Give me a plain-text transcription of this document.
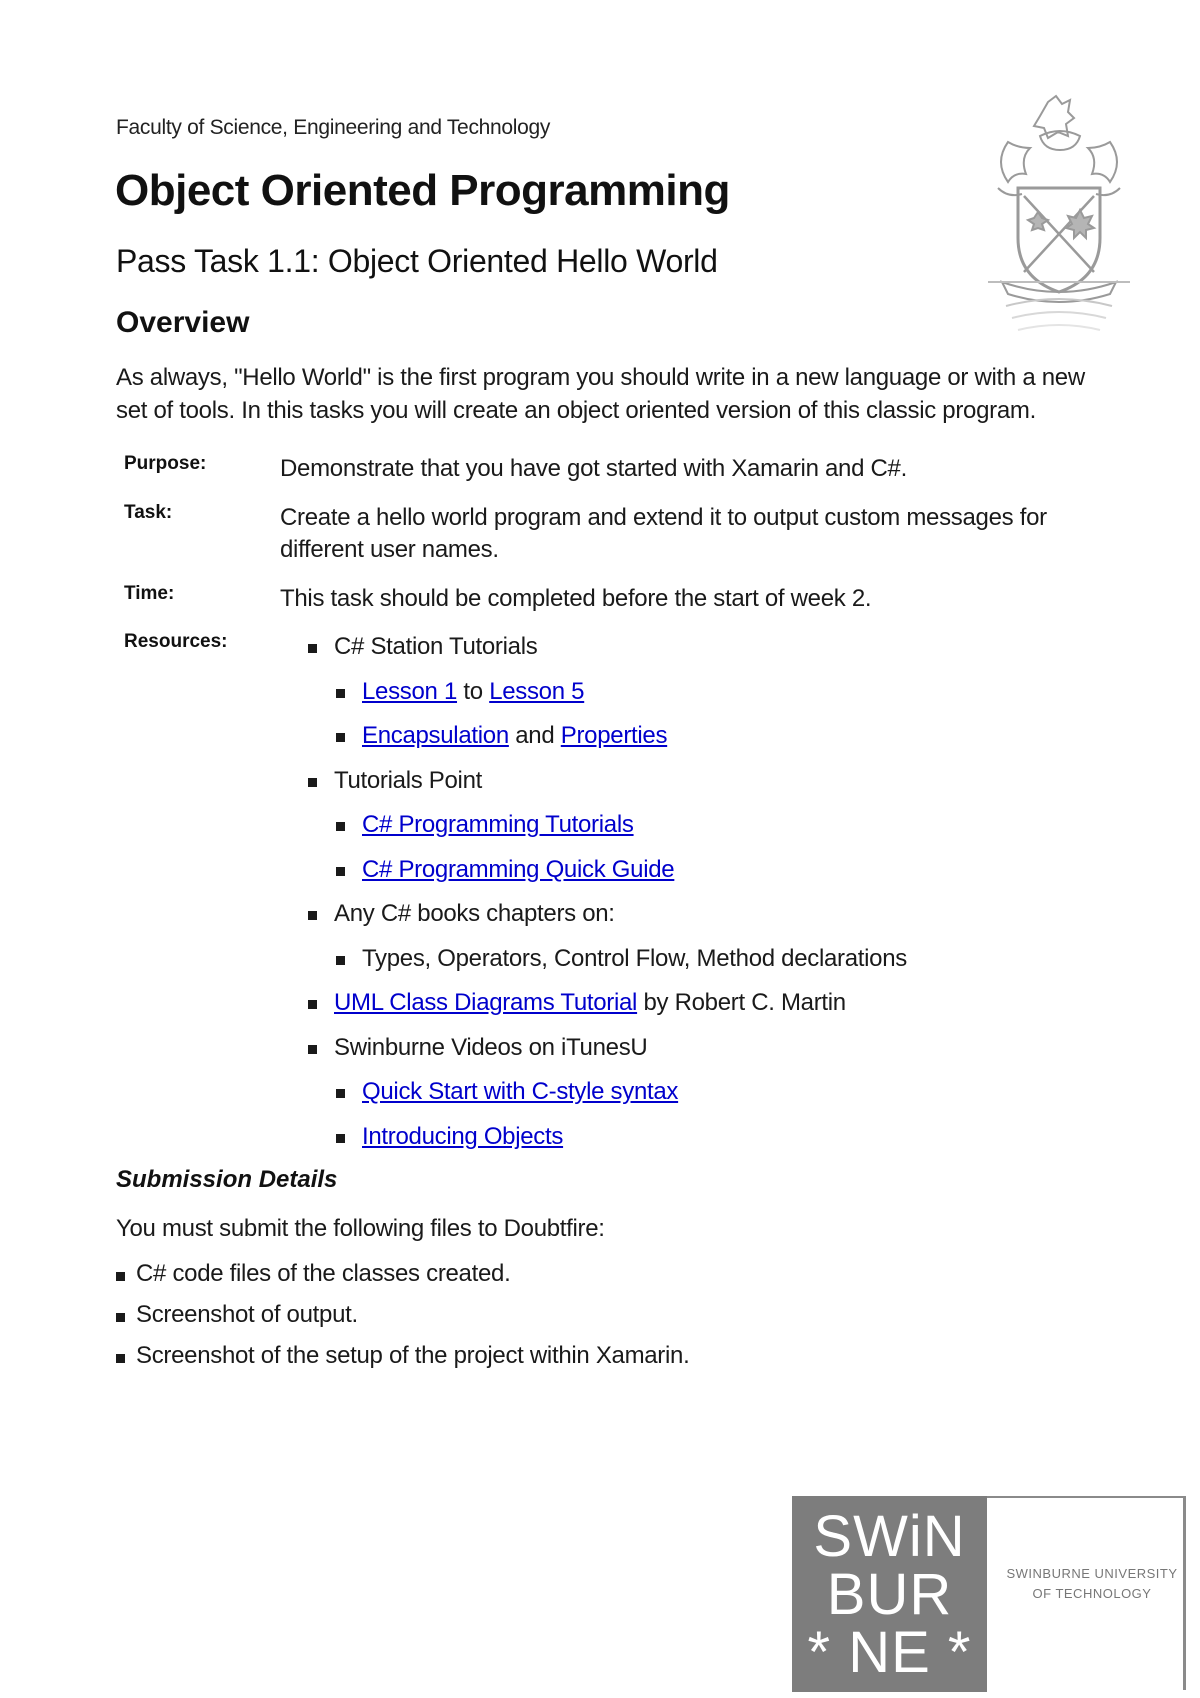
Faculty of Science, Engineering and Technology
Object Oriented Programming
Pass Task 1.1: Object Oriented Hello World
Overview

As always, "Hello World" is the first program you should write in a new language or with a new set of tools. In this tasks you will create an object oriented version of this classic program.

Purpose:	Demonstrate that you have got started with Xamarin and C#.
Task:	Create a hello world program and extend it to output custom messages for different user names.
Time:	This task should be completed before the start of week 2.
Resources:	C# Station Tutorials
Lesson 1 to Lesson 5
Encapsulation and Properties
Tutorials Point
C# Programming Tutorials
C# Programming Quick Guide
Any C# books chapters on:
Types, Operators, Control Flow, Method declarations
UML Class Diagrams Tutorial by Robert C. Martin
Swinburne Videos on iTunesU
Quick Start with C-style syntax
Introducing Objects
Submission Details

You must submit the following files to Doubtfire:

C# code files of the classes created.
Screenshot of output.
Screenshot of the setup of the project within Xamarin.
SWiN
BUR
* NE *
SWINBURNE UNIVERSITY
OF TECHNOLOGY
